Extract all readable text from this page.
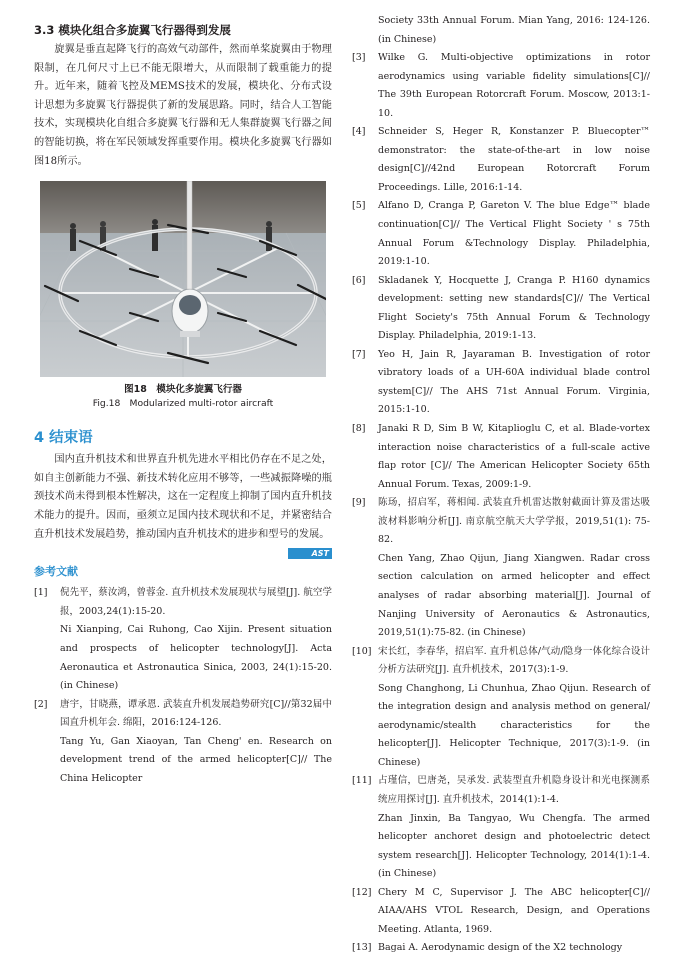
3.3 模块化组合多旋翼飞行器得到发展

旋翼是垂直起降飞行的高效气动部件，然而单桨旋翼由于物理限制，在几何尺寸上已不能无限增大，从而限制了载重能力的提升。近年来，随着飞控及MEMS技术的发展，模块化、分布式设计思想为多旋翼飞行器提供了新的发展思路。同时，结合人工智能技术，实现模块化自组合多旋翼飞行器和无人集群旋翼飞行器之间的智能切换，将在军民领域发挥重要作用。模块化多旋翼飞行器如图18所示。

图18　模块化多旋翼飞行器
Fig.18　Modularized multi-rotor aircraft
4 结束语

国内直升机技术和世界直升机先进水平相比仍存在不足之处，如自主创新能力不强、新技术转化应用不够等，一些减振降噪的瓶颈技术尚未得到根本性解决，这在一定程度上抑制了国内直升机技术能力的提升。因而，亟须立足国内技术现状和不足，并紧密结合直升机技术发展趋势，推动国内直升机技术的进步和型号的发展。
AST

参考文献
[1] 倪先平，蔡汝鸿，曾蓉金. 直升机技术发展现状与展望[J]. 航空学报，2003,24(1):15-20.

Ni Xianping, Cai Ruhong, Cao Xijin. Present situation and prospects of helicopter technology[J]. Acta Aeronautica et Astronautica Sinica, 2003, 24(1):15-20. (in Chinese)

[2] 唐宇，甘晓燕，谭承恩. 武装直升机发展趋势研究[C]//第32届中国直升机年会. 绵阳，2016:124-126.

Tang Yu, Gan Xiaoyan, Tan Cheng' en. Research on development trend of the armed helicopter[C]// The China Helicopter

Society 33th Annual Forum. Mian Yang, 2016: 124-126. (in Chinese)

[3] Wilke G. Multi-objective optimizations in rotor aerodynamics using variable fidelity simulations[C]// The 39th European Rotorcraft Forum. Moscow, 2013:1-10.

[4] Schneider S, Heger R, Konstanzer P. Bluecopter™ demonstrator: the state-of-the-art in low noise design[C]//42nd European Rotorcraft Forum Proceedings. Lille, 2016:1-14.

[5] Alfano D, Cranga P, Gareton V. The blue Edge™ blade continuation[C]// The Vertical Flight Society ' s 75th Annual Forum &Technology Display. Philadelphia, 2019:1-10.

[6] Skladanek Y, Hocquette J, Cranga P. H160 dynamics development: setting new standards[C]// The Vertical Flight Society's 75th Annual Forum & Technology Display. Philadelphia, 2019:1-13.

[7] Yeo H, Jain R, Jayaraman B. Investigation of rotor vibratory loads of a UH-60A individual blade control system[C]// The AHS 71st Annual Forum. Virginia, 2015:1-10.

[8] Janaki R D, Sim B W, Kitaplioglu C, et al. Blade-vortex interaction noise characteristics of a full-scale active flap rotor [C]// The American Helicopter Society 65th Annual Forum. Texas, 2009:1-9.

[9] 陈玚，招启军，蒋相闻. 武装直升机雷达散射截面计算及雷达吸波材料影响分析[J]. 南京航空航天大学学报，2019,51(1): 75-82.

Chen Yang, Zhao Qijun, Jiang Xiangwen. Radar cross section calculation on armed helicopter and effect analyses of radar absorbing material[J]. Journal of Nanjing University of Aeronautics & Astronautics, 2019,51(1):75-82. (in Chinese)

[10] 宋长红，李春华，招启军. 直升机总体/气动/隐身一体化综合设计分析方法研究[J]. 直升机技术，2017(3):1-9.

Song Changhong, Li Chunhua, Zhao Qijun. Research of the integration design and analysis method on general/ aerodynamic/stealth characteristics for the helicopter[J]. Helicopter Technique, 2017(3):1-9. (in Chinese)

[11] 占瑾信，巴唐尧，吴承发. 武装型直升机隐身设计和光电探测系统应用探讨[J]. 直升机技术，2014(1):1-4.

Zhan Jinxin, Ba Tangyao, Wu Chengfa. The armed helicopter anchoret design and photoelectric detect system research[J]. Helicopter Technology, 2014(1):1-4. (in Chinese)

[12] Chery M C, Supervisor J. The ABC helicopter[C]// AIAA/AHS VTOL Research, Design, and Operations Meeting. Atlanta, 1969.

[13] Bagai A. Aerodynamic design of the X2 technology
